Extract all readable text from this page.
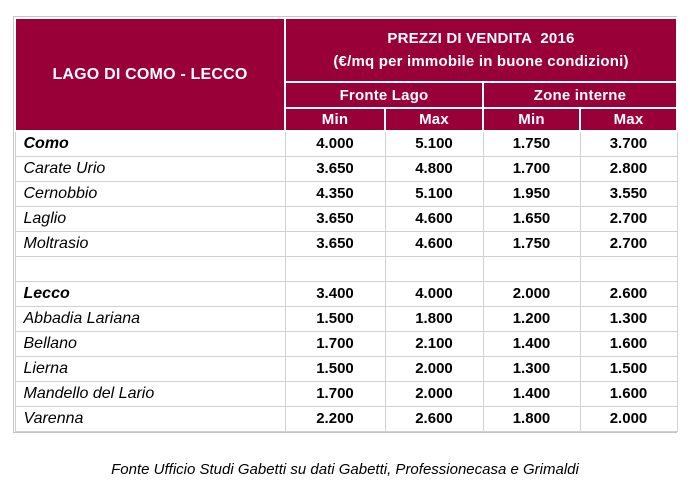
LAGO DI COMO - LECCO	PREZZI DI VENDITA  2016
(€/mq per immobile in buone condizioni)			

	Fronte Lago		Zone interne	
	Min	Max	Min	Max
Como	4.000	5.100	1.750	3.700
Carate Urio	3.650	4.800	1.700	2.800
Cernobbio	4.350	5.100	1.950	3.550
Laglio	3.650	4.600	1.650	2.700
Moltrasio	3.650	4.600	1.750	2.700

Lecco	3.400	4.000	2.000	2.600
Abbadia Lariana	1.500	1.800	1.200	1.300
Bellano	1.700	2.100	1.400	1.600
Lierna	1.500	2.000	1.300	1.500
Mandello del Lario	1.700	2.000	1.400	1.600
Varenna	2.200	2.600	1.800	2.000
Fonte Ufficio Studi Gabetti su dati Gabetti, Professionecasa e Grimaldi
